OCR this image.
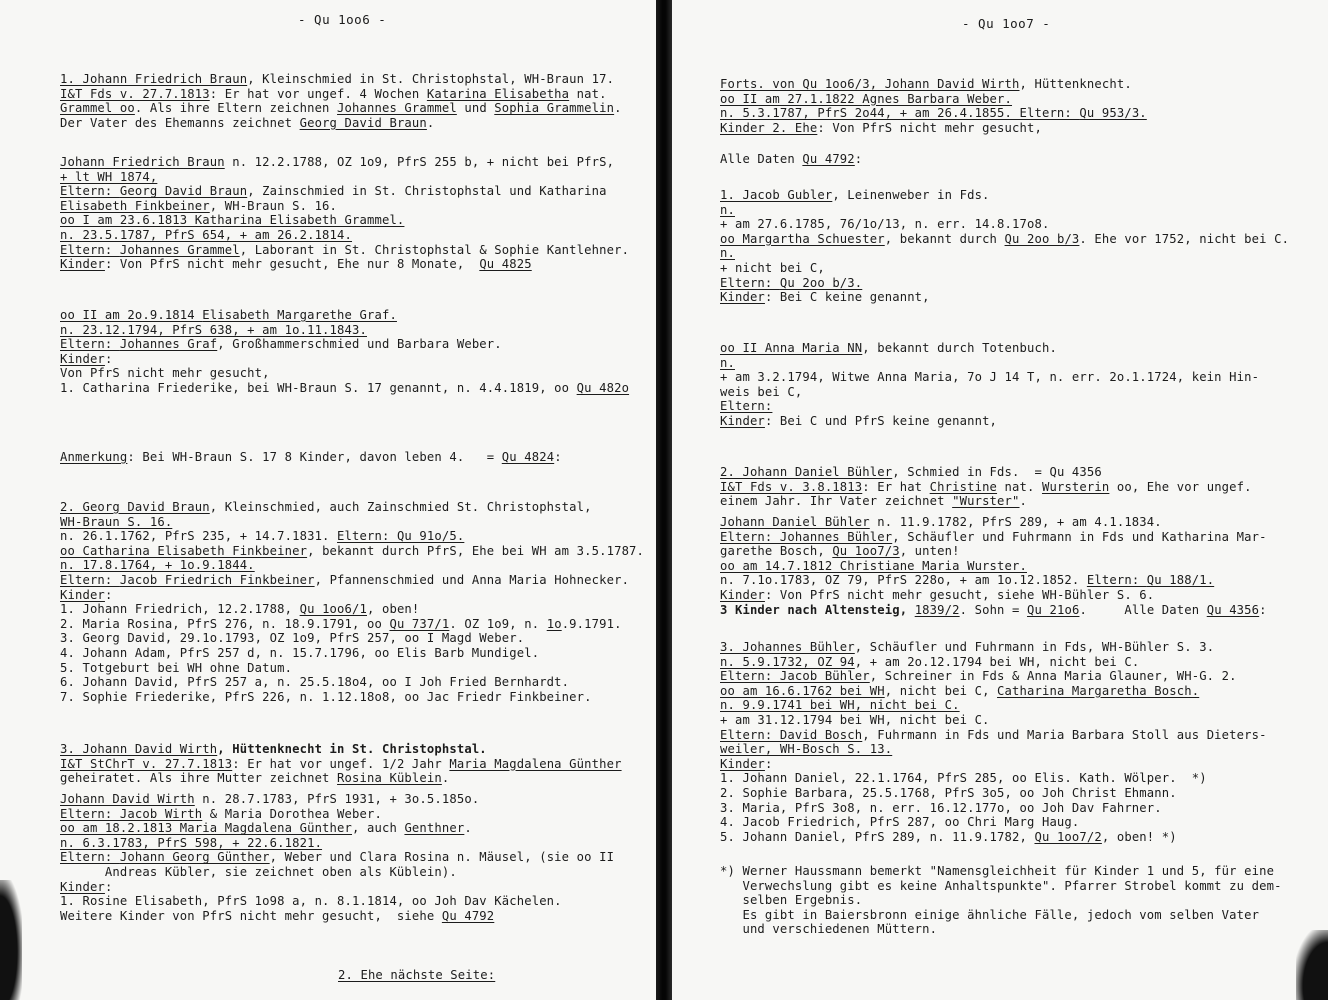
- Qu 1oo6 -
1. Johann Friedrich Braun, Kleinschmied in St. Christophstal, WH-Braun 17.
I&T Fds v. 27.7.1813: Er hat vor ungef. 4 Wochen Katarina Elisabetha nat.
Grammel oo. Als ihre Eltern zeichnen Johannes Grammel und Sophia Grammelin.
Der Vater des Ehemanns zeichnet Georg David Braun.
Johann Friedrich Braun n. 12.2.1788, OZ 1o9, PfrS 255 b, + nicht bei PfrS,
+ lt WH 1874,
Eltern: Georg David Braun, Zainschmied in St. Christophstal und Katharina
Elisabeth Finkbeiner, WH-Braun S. 16.
oo I am 23.6.1813 Katharina Elisabeth Grammel.
n. 23.5.1787, PfrS 654, + am 26.2.1814.
Eltern: Johannes Grammel, Laborant in St. Christophstal & Sophie Kantlehner.
Kinder: Von PfrS nicht mehr gesucht, Ehe nur 8 Monate,  Qu 4825
oo II am 2o.9.1814 Elisabeth Margarethe Graf.
n. 23.12.1794, PfrS 638, + am 1o.11.1843.
Eltern: Johannes Graf, Großhammerschmied und Barbara Weber.
Kinder:
Von PfrS nicht mehr gesucht,
1. Catharina Friederike, bei WH-Braun S. 17 genannt, n. 4.4.1819, oo Qu 482o
Anmerkung: Bei WH-Braun S. 17 8 Kinder, davon leben 4.   = Qu 4824:
2. Georg David Braun, Kleinschmied, auch Zainschmied St. Christophstal,
WH-Braun S. 16.
n. 26.1.1762, PfrS 235, + 14.7.1831. Eltern: Qu 91o/5.
oo Catharina Elisabeth Finkbeiner, bekannt durch PfrS, Ehe bei WH am 3.5.1787.
n. 17.8.1764, + 1o.9.1844.
Eltern: Jacob Friedrich Finkbeiner, Pfannenschmied und Anna Maria Hohnecker.
Kinder:
1. Johann Friedrich, 12.2.1788, Qu 1oo6/1, oben!
2. Maria Rosina, PfrS 276, n. 18.9.1791, oo Qu 737/1. OZ 1o9, n. 1o.9.1791.
3. Georg David, 29.1o.1793, OZ 1o9, PfrS 257, oo I Magd Weber.
4. Johann Adam, PfrS 257 d, n. 15.7.1796, oo Elis Barb Mundigel.
5. Totgeburt bei WH ohne Datum.
6. Johann David, PfrS 257 a, n. 25.5.18o4, oo I Joh Fried Bernhardt.
7. Sophie Friederike, PfrS 226, n. 1.12.18o8, oo Jac Friedr Finkbeiner.
3. Johann David Wirth, Hüttenknecht in St. Christophstal.
I&T StChrT v. 27.7.1813: Er hat vor ungef. 1/2 Jahr Maria Magdalena Günther
geheiratet. Als ihre Mutter zeichnet Rosina Küblein.
Johann David Wirth n. 28.7.1783, PfrS 1931, + 3o.5.185o.
Eltern: Jacob Wirth & Maria Dorothea Weber.
oo am 18.2.1813 Maria Magdalena Günther, auch Genthner.
n. 6.3.1783, PfrS 598, + 22.6.1821.
Eltern: Johann Georg Günther, Weber und Clara Rosina n. Mäusel, (sie oo II
Andreas Kübler, sie zeichnet oben als Küblein).
Kinder:
1. Rosine Elisabeth, PfrS 1o98 a, n. 8.1.1814, oo Joh Dav Kächelen.
Weitere Kinder von PfrS nicht mehr gesucht,  siehe Qu 4792
2. Ehe nächste Seite:
- Qu 1oo7 -
Forts. von Qu 1oo6/3, Johann David Wirth, Hüttenknecht.
oo II am 27.1.1822 Agnes Barbara Weber.
n. 5.3.1787, PfrS 2o44, + am 26.4.1855. Eltern: Qu 953/3.
Kinder 2. Ehe: Von PfrS nicht mehr gesucht,
Alle Daten Qu 4792:
1. Jacob Gubler, Leinenweber in Fds.
n.
+ am 27.6.1785, 76/1o/13, n. err. 14.8.17o8.
oo Margartha Schuester, bekannt durch Qu 2oo b/3. Ehe vor 1752, nicht bei C.
n.
+ nicht bei C,
Eltern: Qu 2oo b/3.
Kinder: Bei C keine genannt,
oo II Anna Maria NN, bekannt durch Totenbuch.
n.
+ am 3.2.1794, Witwe Anna Maria, 7o J 14 T, n. err. 2o.1.1724, kein Hin-
weis bei C,
Eltern:
Kinder: Bei C und PfrS keine genannt,
2. Johann Daniel Bühler, Schmied in Fds.  = Qu 4356
I&T Fds v. 3.8.1813: Er hat Christine nat. Wursterin oo, Ehe vor ungef.
einem Jahr. Ihr Vater zeichnet "Wurster".
Johann Daniel Bühler n. 11.9.1782, PfrS 289, + am 4.1.1834.
Eltern: Johannes Bühler, Schäufler und Fuhrmann in Fds und Katharina Mar-
garethe Bosch, Qu 1oo7/3, unten!
oo am 14.7.1812 Christiane Maria Wurster.
n. 7.1o.1783, OZ 79, PfrS 228o, + am 1o.12.1852. Eltern: Qu 188/1.
Kinder: Von PfrS nicht mehr gesucht, siehe WH-Bühler S. 6.
3 Kinder nach Altensteig, 1839/2. Sohn = Qu 21o6.     Alle Daten Qu 4356:
3. Johannes Bühler, Schäufler und Fuhrmann in Fds, WH-Bühler S. 3.
n. 5.9.1732, OZ 94, + am 2o.12.1794 bei WH, nicht bei C.
Eltern: Jacob Bühler, Schreiner in Fds & Anna Maria Glauner, WH-G. 2.
oo am 16.6.1762 bei WH, nicht bei C, Catharina Margaretha Bosch.
n. 9.9.1741 bei WH, nicht bei C.
+ am 31.12.1794 bei WH, nicht bei C.
Eltern: David Bosch, Fuhrmann in Fds und Maria Barbara Stoll aus Dieters-
weiler, WH-Bosch S. 13.
Kinder:
1. Johann Daniel, 22.1.1764, PfrS 285, oo Elis. Kath. Wölper.  *)
2. Sophie Barbara, 25.5.1768, PfrS 3o5, oo Joh Christ Ehmann.
3. Maria, PfrS 3o8, n. err. 16.12.177o, oo Joh Dav Fahrner.
4. Jacob Friedrich, PfrS 287, oo Chri Marg Haug.
5. Johann Daniel, PfrS 289, n. 11.9.1782, Qu 1oo7/2, oben! *)
*) Werner Haussmann bemerkt "Namensgleichheit für Kinder 1 und 5, für eine
Verwechslung gibt es keine Anhaltspunkte". Pfarrer Strobel kommt zu dem-
selben Ergebnis.
Es gibt in Baiersbronn einige ähnliche Fälle, jedoch vom selben Vater
und verschiedenen Müttern.
